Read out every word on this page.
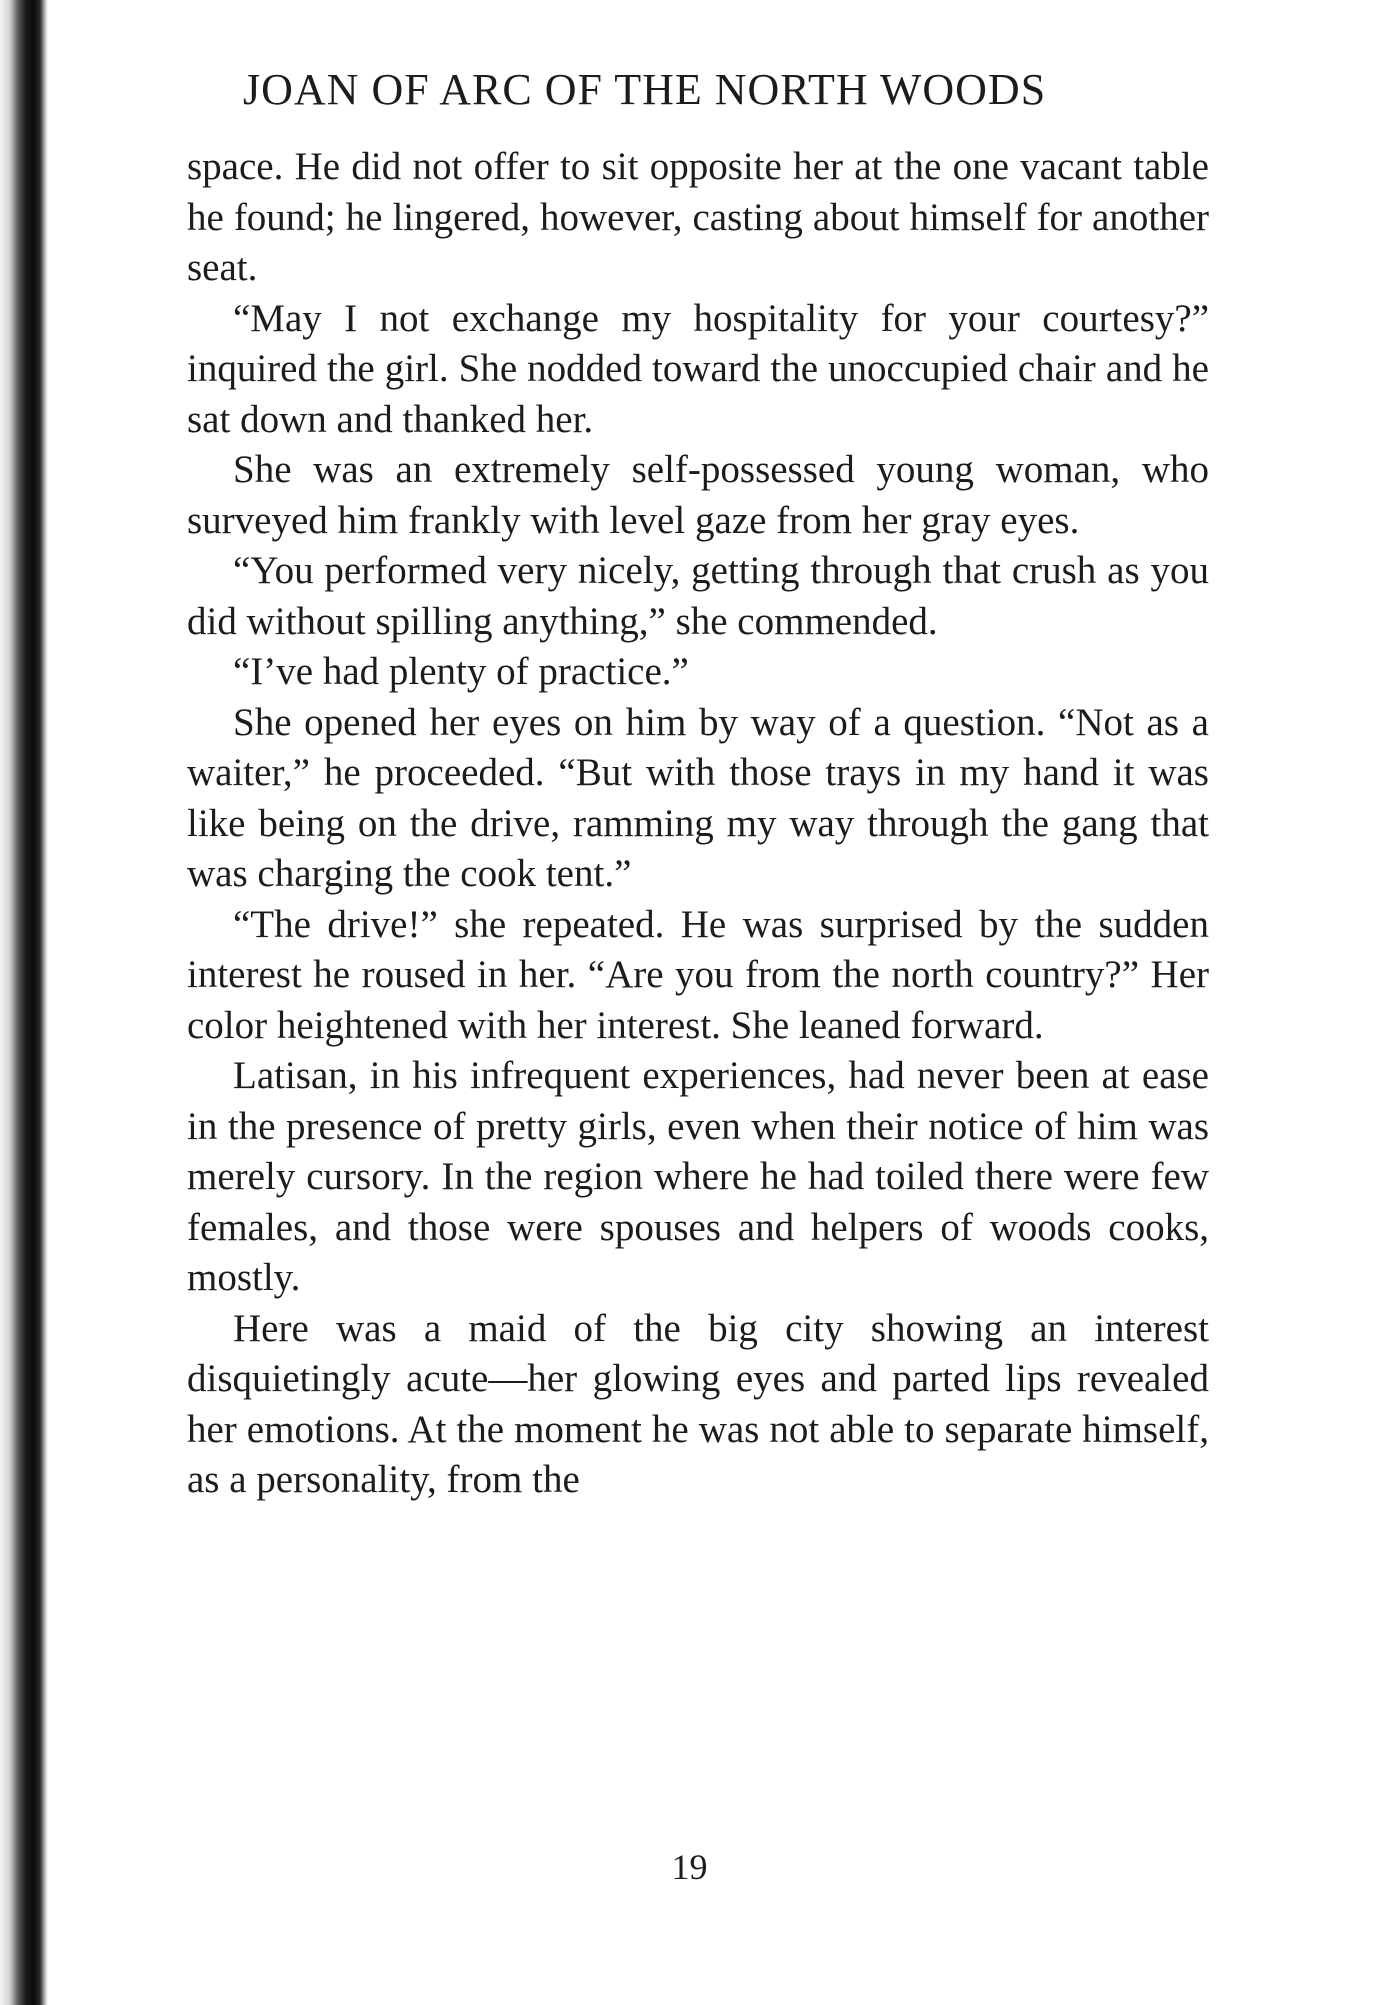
JOAN OF ARC OF THE NORTH WOODS

space. He did not offer to sit opposite her at the one vacant table he found; he lingered, however, casting about himself for another seat.

“May I not exchange my hospitality for your courtesy?” inquired the girl. She nodded toward the unoccupied chair and he sat down and thanked her.

She was an extremely self-possessed young woman, who surveyed him frankly with level gaze from her gray eyes.

“You performed very nicely, getting through that crush as you did without spilling anything,” she commended.

“I’ve had plenty of practice.”

She opened her eyes on him by way of a question. “Not as a waiter,” he proceeded. “But with those trays in my hand it was like being on the drive, ramming my way through the gang that was charging the cook tent.”

“The drive!” she repeated. He was surprised by the sudden interest he roused in her. “Are you from the north country?” Her color heightened with her interest. She leaned forward.

Latisan, in his infrequent experiences, had never been at ease in the presence of pretty girls, even when their notice of him was merely cursory. In the region where he had toiled there were few females, and those were spouses and helpers of woods cooks, mostly.

Here was a maid of the big city showing an interest disquietingly acute—her glowing eyes and parted lips revealed her emotions. At the moment he was not able to separate himself, as a personality, from the

19
